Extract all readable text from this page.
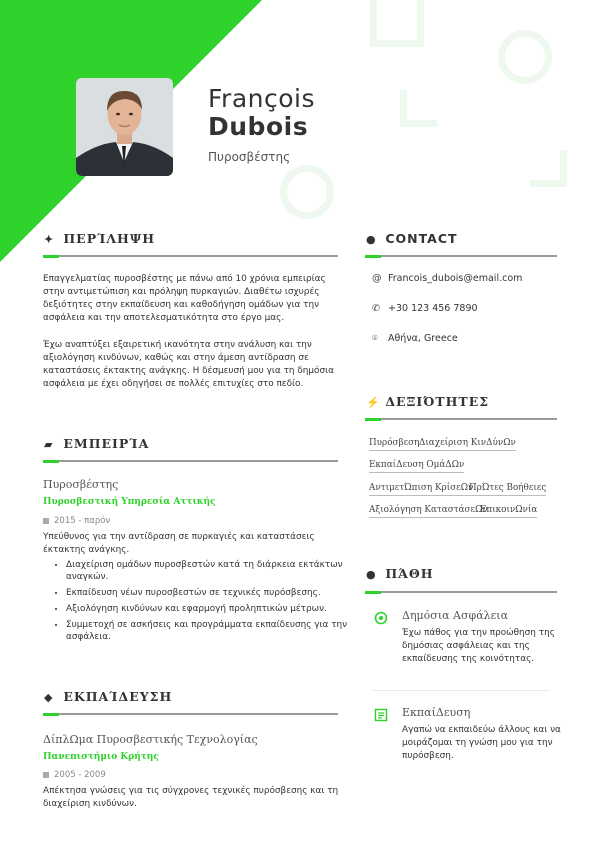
François
Dubois
Πυροσβέστης
✦ ΠΕΡΊΛΗΨΗ
Επαγγελματίας πυροσβέστης με πάνω από 10 χρόνια εμπειρίας στην αντιμετώπιση και πρόληψη πυρκαγιών. Διαθέτω ισχυρές δεξιότητες στην εκπαίδευση και καθοδήγηση ομάδων για την ασφάλεια και την αποτελεσματικότητα στο έργο μας.
Έχω αναπτύξει εξαιρετική ικανότητα στην ανάλυση και την αξιολόγηση κινδύνων, καθώς και στην άμεση αντίδραση σε καταστάσεις έκτακτης ανάγκης. Η δέσμευσή μου για τη δημόσια ασφάλεια με έχει οδηγήσει σε πολλές επιτυχίες στο πεδίο.
▰ ΕΜΠΕΙΡΊΑ
Πυροσβέστης
Πυροσβεστική Υπηρεσία Αττικής
2015 - παρόν
Υπεύθυνος για την αντίδραση σε πυρκαγιές και καταστάσεις έκτακτης ανάγκης.
• Διαχείριση ομάδων πυροσβεστών κατά τη διάρκεια εκτάκτων αναγκών.
• Εκπαίδευση νέων πυροσβεστών σε τεχνικές πυρόσβεσης.
• Αξιολόγηση κινδύνων και εφαρμογή προληπτικών μέτρων.
• Συμμετοχή σε ασκήσεις και προγράμματα εκπαίδευσης για την ασφάλεια.
◆ ΕΚΠΑΊΔΕΥΣΗ
ΔίπλΩμα Πυροσβεστικής Τεχνολογίας
Πανεπιστήμιο Κρήτης
2005 - 2009
Απέκτησα γνώσεις για τις σύγχρονες τεχνικές πυρόσβεσης και τη διαχείριση κινδύνων.
● CONTACT
@ Francois_dubois@email.com
✆ +30 123 456 7890
⌾ Αθήνα, Greece
⚡ ΔΕΞΙΌΤΗΤΕΣ
Πυρόσβεση Διαχείριση ΚινΔύνΩν
ΕκπαίΔευση ΟμάΔΩν
ΑντιμετΏπιση ΚρίσεΩν
ΠρΏτες Βοήθειες
Αξιολόγηση ΚαταστάσεΩν
ΕπικοινΩνία
● ΠΆΘΗ
Δημόσια Ασφάλεια
Έχω πάθος για την προώθηση της δημόσιας ασφάλειας και της εκπαίδευσης της κοινότητας.
ΕκπαίΔευση
Αγαπώ να εκπαιδεύω άλλους και να μοιράζομαι τη γνώση μου για την πυρόσβεση.
